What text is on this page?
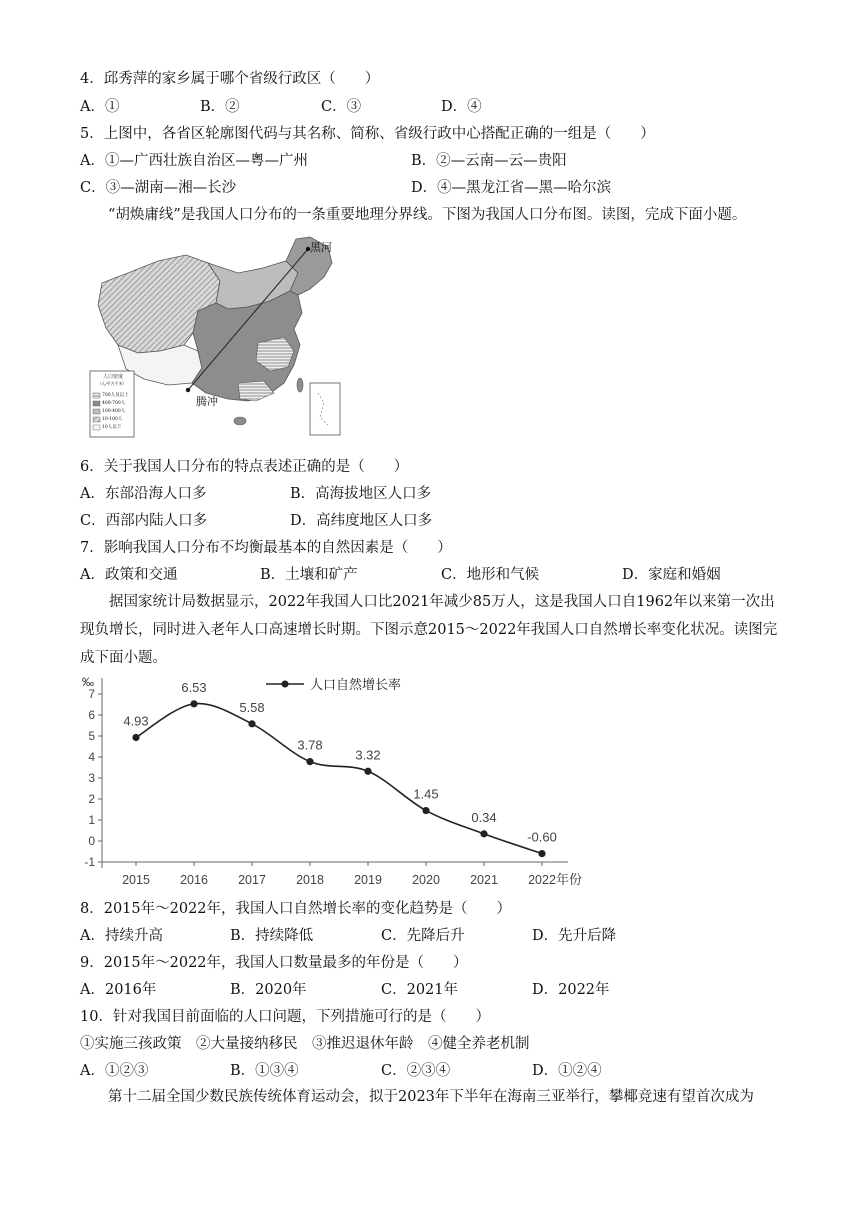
4．邱秀萍的家乡属于哪个省级行政区（　　）
A．①	B．②	C．③	D．④
5．上图中，各省区轮廓图代码与其名称、简称、省级行政中心搭配正确的一组是（　　）
A．①—广西壮族自治区—粤—广州	B．②—云南—云—贵阳
C．③—湖南—湘—长沙	D．④—黑龙江省—黑—哈尔滨
“胡焕庸线”是我国人口分布的一条重要地理分界线。下图为我国人口分布图。读图，完成下面小题。
黑河
腾冲
人口密度
（人/平方千米）
700人及以上
400-700人
100-400人
10-100人
10人以下
6．关于我国人口分布的特点表述正确的是（　　）
A．东部沿海人口多	B．高海拔地区人口多
C．西部内陆人口多	D．高纬度地区人口多
7．影响我国人口分布不均衡最基本的自然因素是（　　）
A．政策和交通	B．土壤和矿产	C．地形和气候	D．家庭和婚姻
据国家统计局数据显示，2022年我国人口比2021年减少85万人，这是我国人口自1962年以来第一次出现负增长，同时进入老年人口高速增长时期。下图示意2015～2022年我国人口自然增长率变化状况。读图完成下面小题。
7
6
5
4
3
2
1
0
-1
2015 2016 2017 2018 2019 2020 2021 2022
4.93
6.53
5.58
3.78
3.32
1.45
0.34
-0.60
人口自然增长率
‰
年份
8．2015年～2022年，我国人口自然增长率的变化趋势是（　　）
A．持续升高	B．持续降低	C．先降后升	D．先升后降
9．2015年～2022年，我国人口数量最多的年份是（　　）
A．2016年	B．2020年	C．2021年	D．2022年
10．针对我国目前面临的人口问题，下列措施可行的是（　　）
①实施三孩政策　②大量接纳移民　③推迟退休年龄　④健全养老机制
A．①②③	B．①③④	C．②③④	D．①②④
第十二届全国少数民族传统体育运动会，拟于2023年下半年在海南三亚举行，攀椰竞速有望首次成为
